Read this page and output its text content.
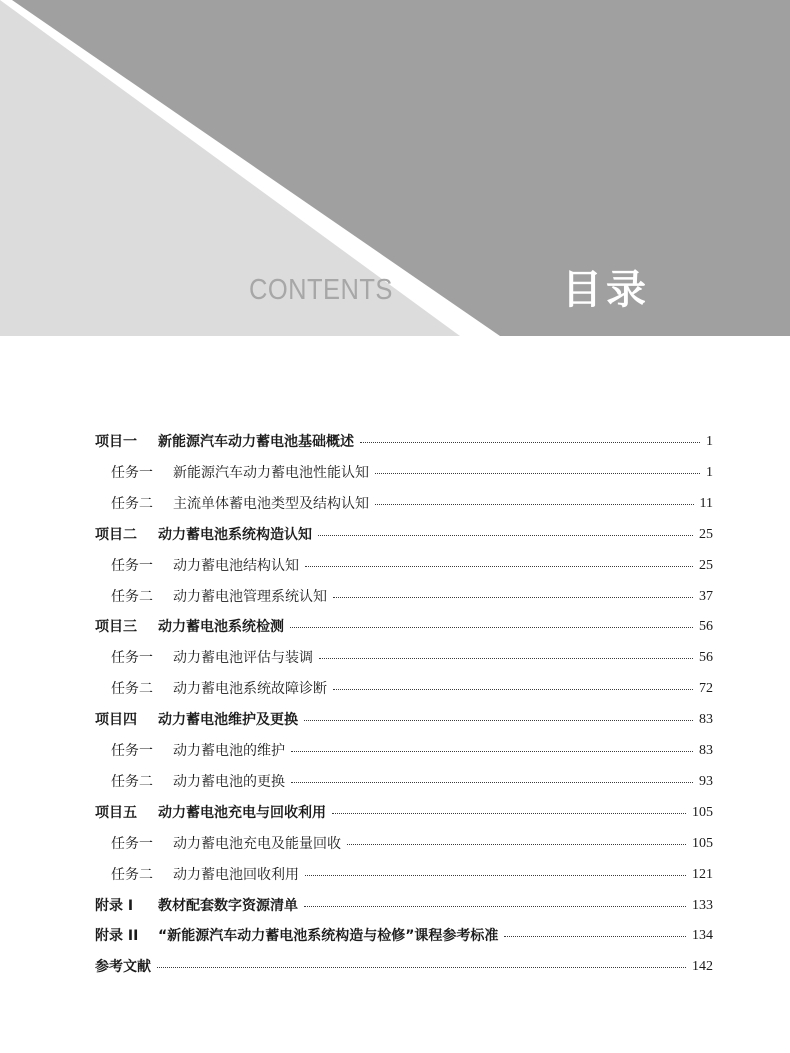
CONTENTS	目录
项目一 新能源汽车动力蓄电池基础概述	1
任务一 新能源汽车动力蓄电池性能认知	1
任务二 主流单体蓄电池类型及结构认知	11
项目二 动力蓄电池系统构造认知	25
任务一 动力蓄电池结构认知	25
任务二 动力蓄电池管理系统认知	37
项目三 动力蓄电池系统检测	56
任务一 动力蓄电池评估与装调	56
任务二 动力蓄电池系统故障诊断	72
项目四 动力蓄电池维护及更换	83
任务一 动力蓄电池的维护	83
任务二 动力蓄电池的更换	93
项目五 动力蓄电池充电与回收利用	105
任务一 动力蓄电池充电及能量回收	105
任务二 动力蓄电池回收利用	121
附录 I 教材配套数字资源清单	133
附录 II “新能源汽车动力蓄电池系统构造与检修”课程参考标准	134
参考文献	142
